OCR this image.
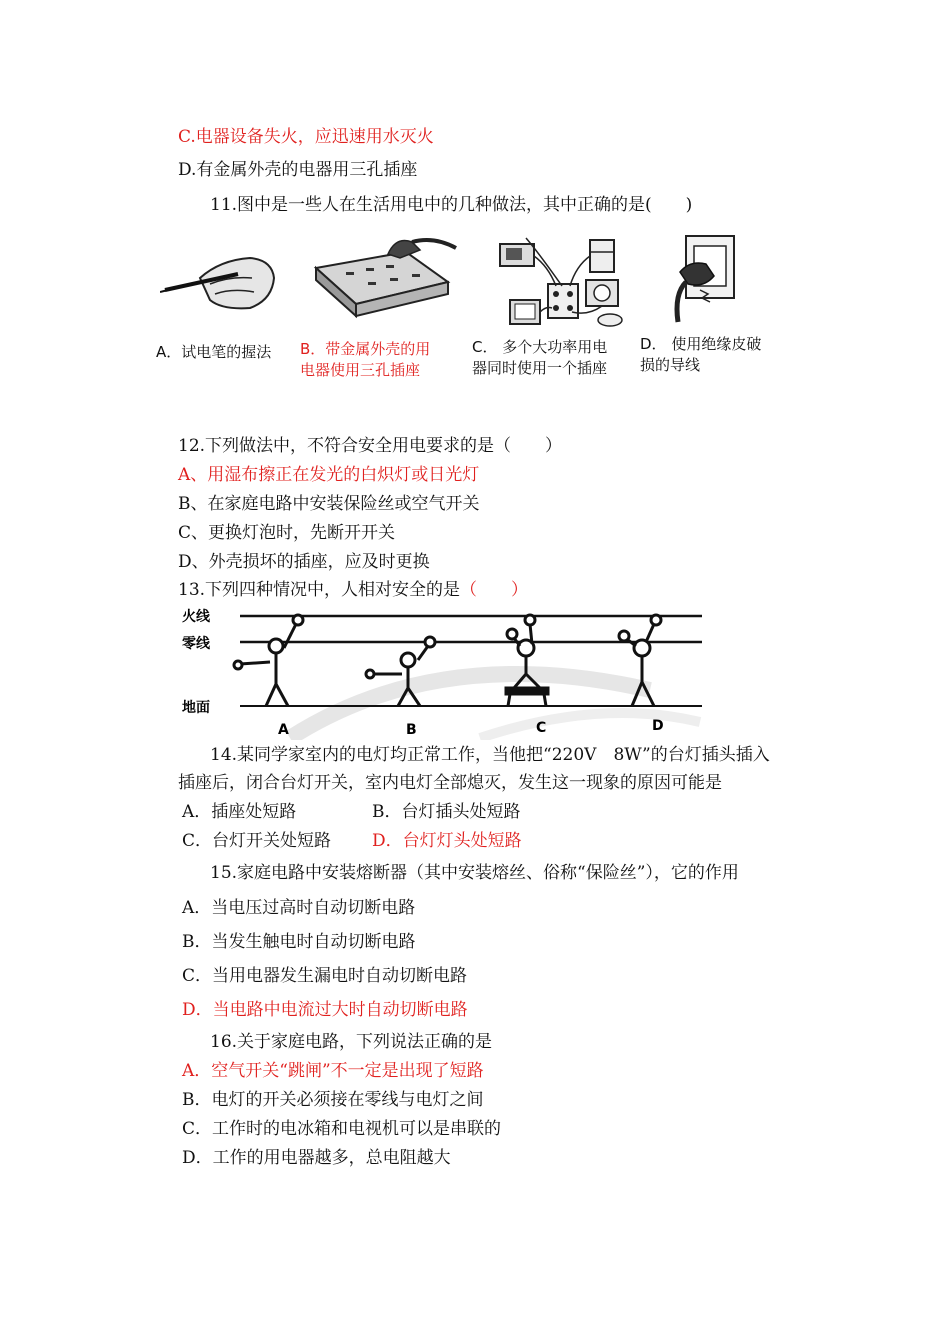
C.电器设备失火，应迅速用水灭火
D.有金属外壳的电器用三孔插座
11.图中是一些人在生活用电中的几种做法，其中正确的是(　　)
A．试电笔的握法 B．带金属外壳的用
电器使用三孔插座
C． 多个大功率用电
器同时使用一个插座
D． 使用绝缘皮破
损的导线
12.下列做法中，不符合安全用电要求的是（　　）
A、用湿布擦正在发光的白炽灯或日光灯
B、在家庭电路中安装保险丝或空气开关
C、更换灯泡时，先断开开关
D、外壳损坏的插座，应及时更换
13.下列四种情况中，人相对安全的是（　　）
火线
零线
地面
A	B	C	D
14.某同学家室内的电灯均正常工作，当他把“220V　8W”的台灯插头插入
插座后，闭合台灯开关，室内电灯全部熄灭，发生这一现象的原因可能是
A．插座处短路	B．台灯插头处短路
C．台灯开关处短路 D．台灯灯头处短路
15.家庭电路中安装熔断器（其中安装熔丝、俗称“保险丝”），它的作用
A．当电压过高时自动切断电路
B．当发生触电时自动切断电路
C．当用电器发生漏电时自动切断电路
D．当电路中电流过大时自动切断电路
16.关于家庭电路，下列说法正确的是
A．空气开关“跳闸”不一定是出现了短路
B．电灯的开关必须接在零线与电灯之间
C．工作时的电冰箱和电视机可以是串联的
D．工作的用电器越多，总电阻越大
